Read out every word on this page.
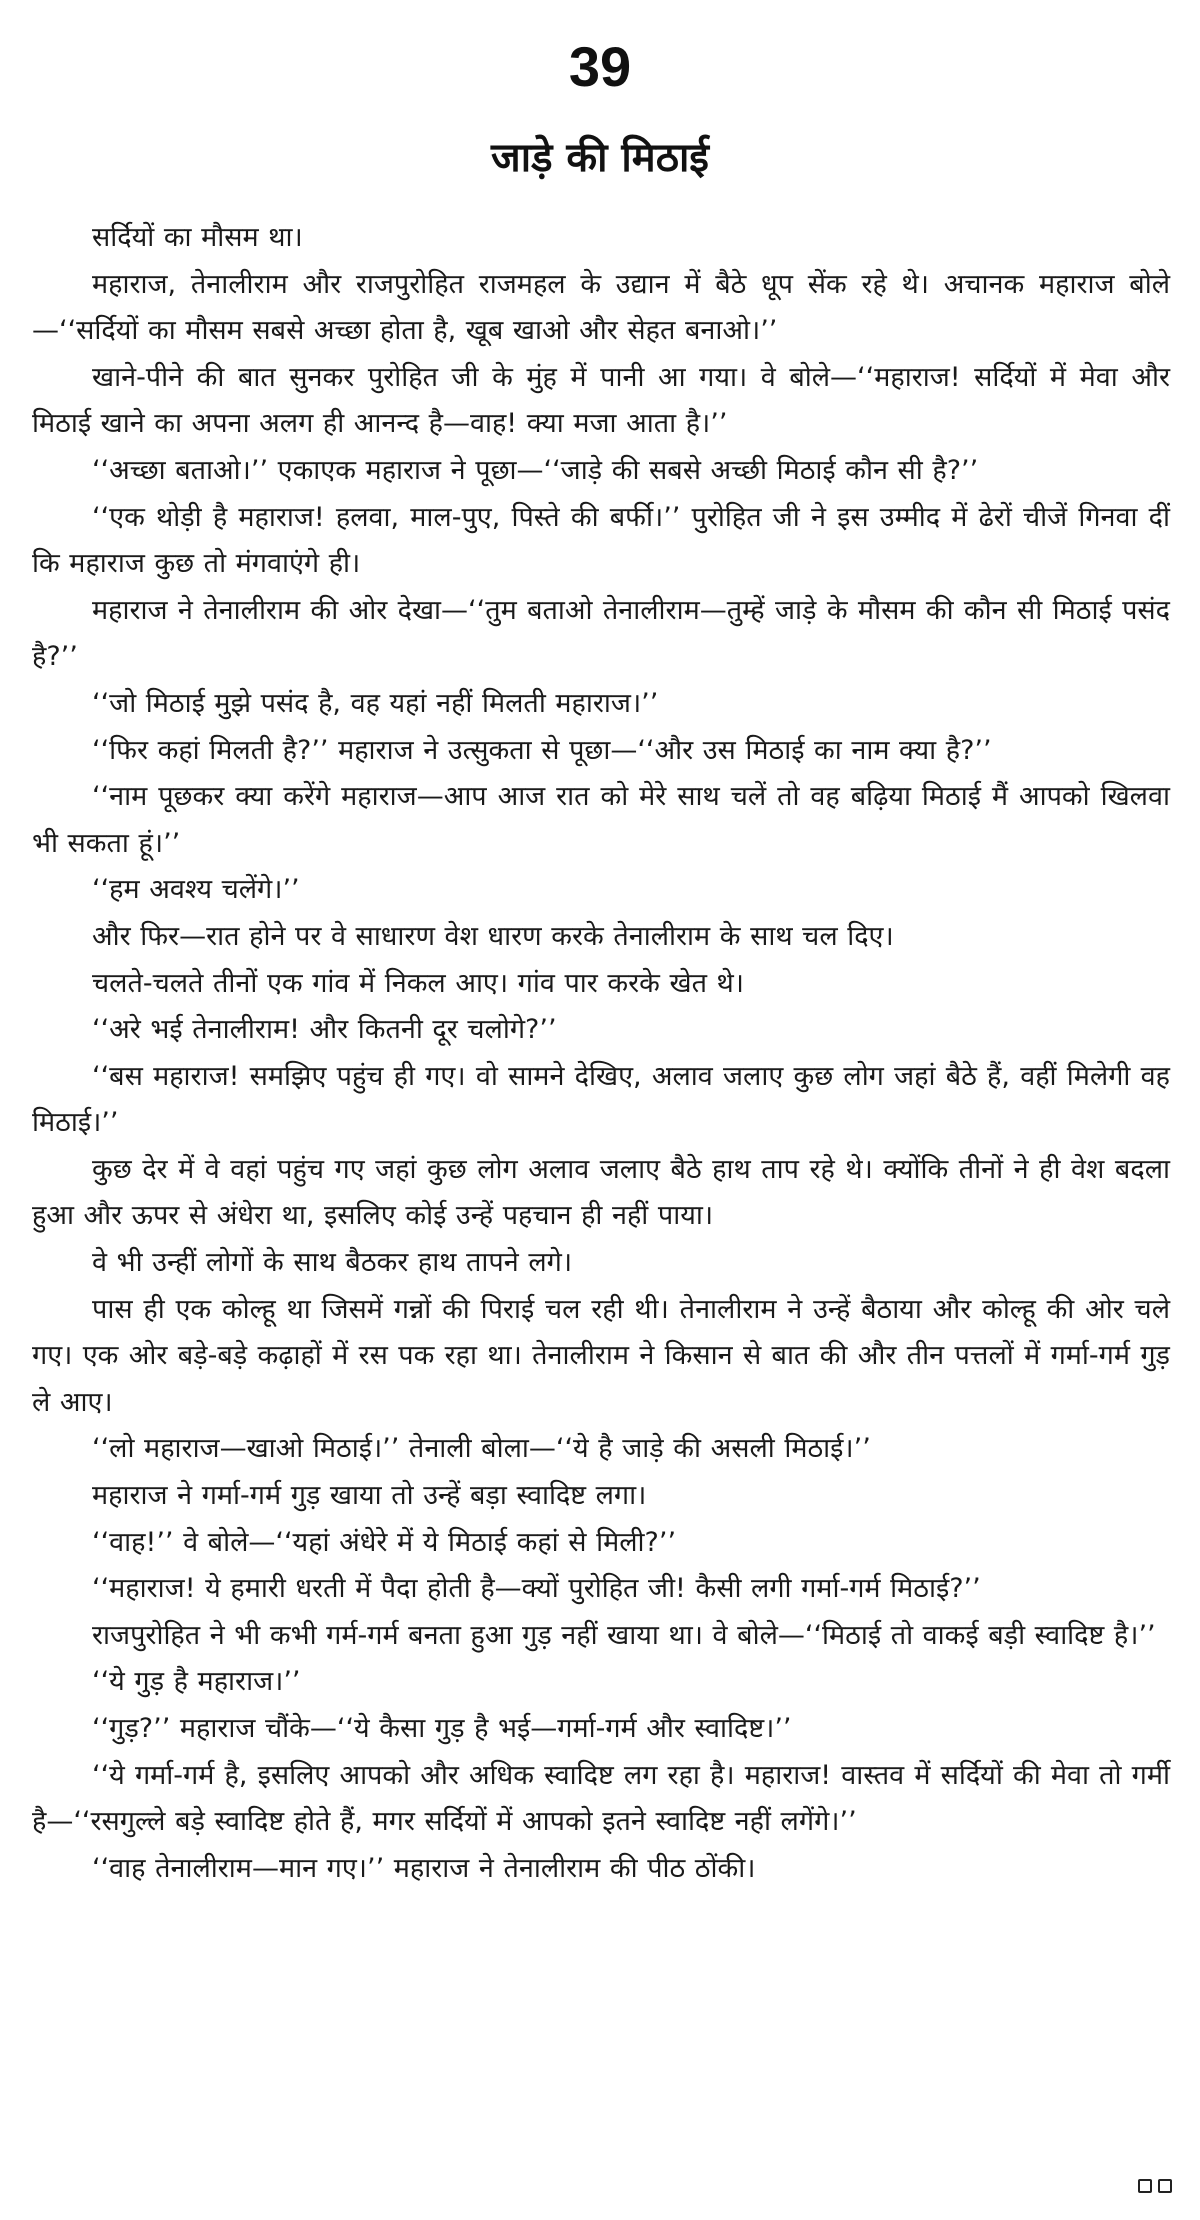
39
जाड़े की मिठाई

सर्दियों का मौसम था।

महाराज, तेनालीराम और राजपुरोहित राजमहल के उद्यान में बैठे धूप सेंक रहे थे। अचानक महाराज बोले—‘‘सर्दियों का मौसम सबसे अच्छा होता है, खूब खाओ और सेहत बनाओ।’’

खाने-पीने की बात सुनकर पुरोहित जी के मुंह में पानी आ गया। वे बोले—‘‘महाराज! सर्दियों में मेवा और मिठाई खाने का अपना अलग ही आनन्द है—वाह! क्या मजा आता है।’’

‘‘अच्छा बताओ।’’ एकाएक महाराज ने पूछा—‘‘जाड़े की सबसे अच्छी मिठाई कौन सी है?’’

‘‘एक थोड़ी है महाराज! हलवा, माल-पुए, पिस्ते की बर्फी।’’ पुरोहित जी ने इस उम्मीद में ढेरों चीजें गिनवा दीं कि महाराज कुछ तो मंगवाएंगे ही।

महाराज ने तेनालीराम की ओर देखा—‘‘तुम बताओ तेनालीराम—तुम्हें जाड़े के मौसम की कौन सी मिठाई पसंद है?’’

‘‘जो मिठाई मुझे पसंद है, वह यहां नहीं मिलती महाराज।’’

‘‘फिर कहां मिलती है?’’ महाराज ने उत्सुकता से पूछा—‘‘और उस मिठाई का नाम क्या है?’’

‘‘नाम पूछकर क्या करेंगे महाराज—आप आज रात को मेरे साथ चलें तो वह बढ़िया मिठाई मैं आपको खिलवा भी सकता हूं।’’

‘‘हम अवश्य चलेंगे।’’

और फिर—रात होने पर वे साधारण वेश धारण करके तेनालीराम के साथ चल दिए।

चलते-चलते तीनों एक गांव में निकल आए। गांव पार करके खेत थे।

‘‘अरे भई तेनालीराम! और कितनी दूर चलोगे?’’

‘‘बस महाराज! समझिए पहुंच ही गए। वो सामने देखिए, अलाव जलाए कुछ लोग जहां बैठे हैं, वहीं मिलेगी वह मिठाई।’’

कुछ देर में वे वहां पहुंच गए जहां कुछ लोग अलाव जलाए बैठे हाथ ताप रहे थे। क्योंकि तीनों ने ही वेश बदला हुआ और ऊपर से अंधेरा था, इसलिए कोई उन्हें पहचान ही नहीं पाया।

वे भी उन्हीं लोगों के साथ बैठकर हाथ तापने लगे।

पास ही एक कोल्हू था जिसमें गन्नों की पिराई चल रही थी। तेनालीराम ने उन्हें बैठाया और कोल्हू की ओर चले गए। एक ओर बड़े-बड़े कढ़ाहों में रस पक रहा था। तेनालीराम ने किसान से बात की और तीन पत्तलों में गर्मा-गर्म गुड़ ले आए।

‘‘लो महाराज—खाओ मिठाई।’’ तेनाली बोला—‘‘ये है जाड़े की असली मिठाई।’’

महाराज ने गर्मा-गर्म गुड़ खाया तो उन्हें बड़ा स्वादिष्ट लगा।

‘‘वाह!’’ वे बोले—‘‘यहां अंधेरे में ये मिठाई कहां से मिली?’’

‘‘महाराज! ये हमारी धरती में पैदा होती है—क्यों पुरोहित जी! कैसी लगी गर्मा-गर्म मिठाई?’’

राजपुरोहित ने भी कभी गर्म-गर्म बनता हुआ गुड़ नहीं खाया था। वे बोले—‘‘मिठाई तो वाकई बड़ी स्वादिष्ट है।’’

‘‘ये गुड़ है महाराज।’’

‘‘गुड़?’’ महाराज चौंके—‘‘ये कैसा गुड़ है भई—गर्मा-गर्म और स्वादिष्ट।’’

‘‘ये गर्मा-गर्म है, इसलिए आपको और अधिक स्वादिष्ट लग रहा है। महाराज! वास्तव में सर्दियों की मेवा तो गर्मी है—‘‘रसगुल्ले बड़े स्वादिष्ट होते हैं, मगर सर्दियों में आपको इतने स्वादिष्ट नहीं लगेंगे।’’

‘‘वाह तेनालीराम—मान गए।’’ महाराज ने तेनालीराम की पीठ ठोंकी।
